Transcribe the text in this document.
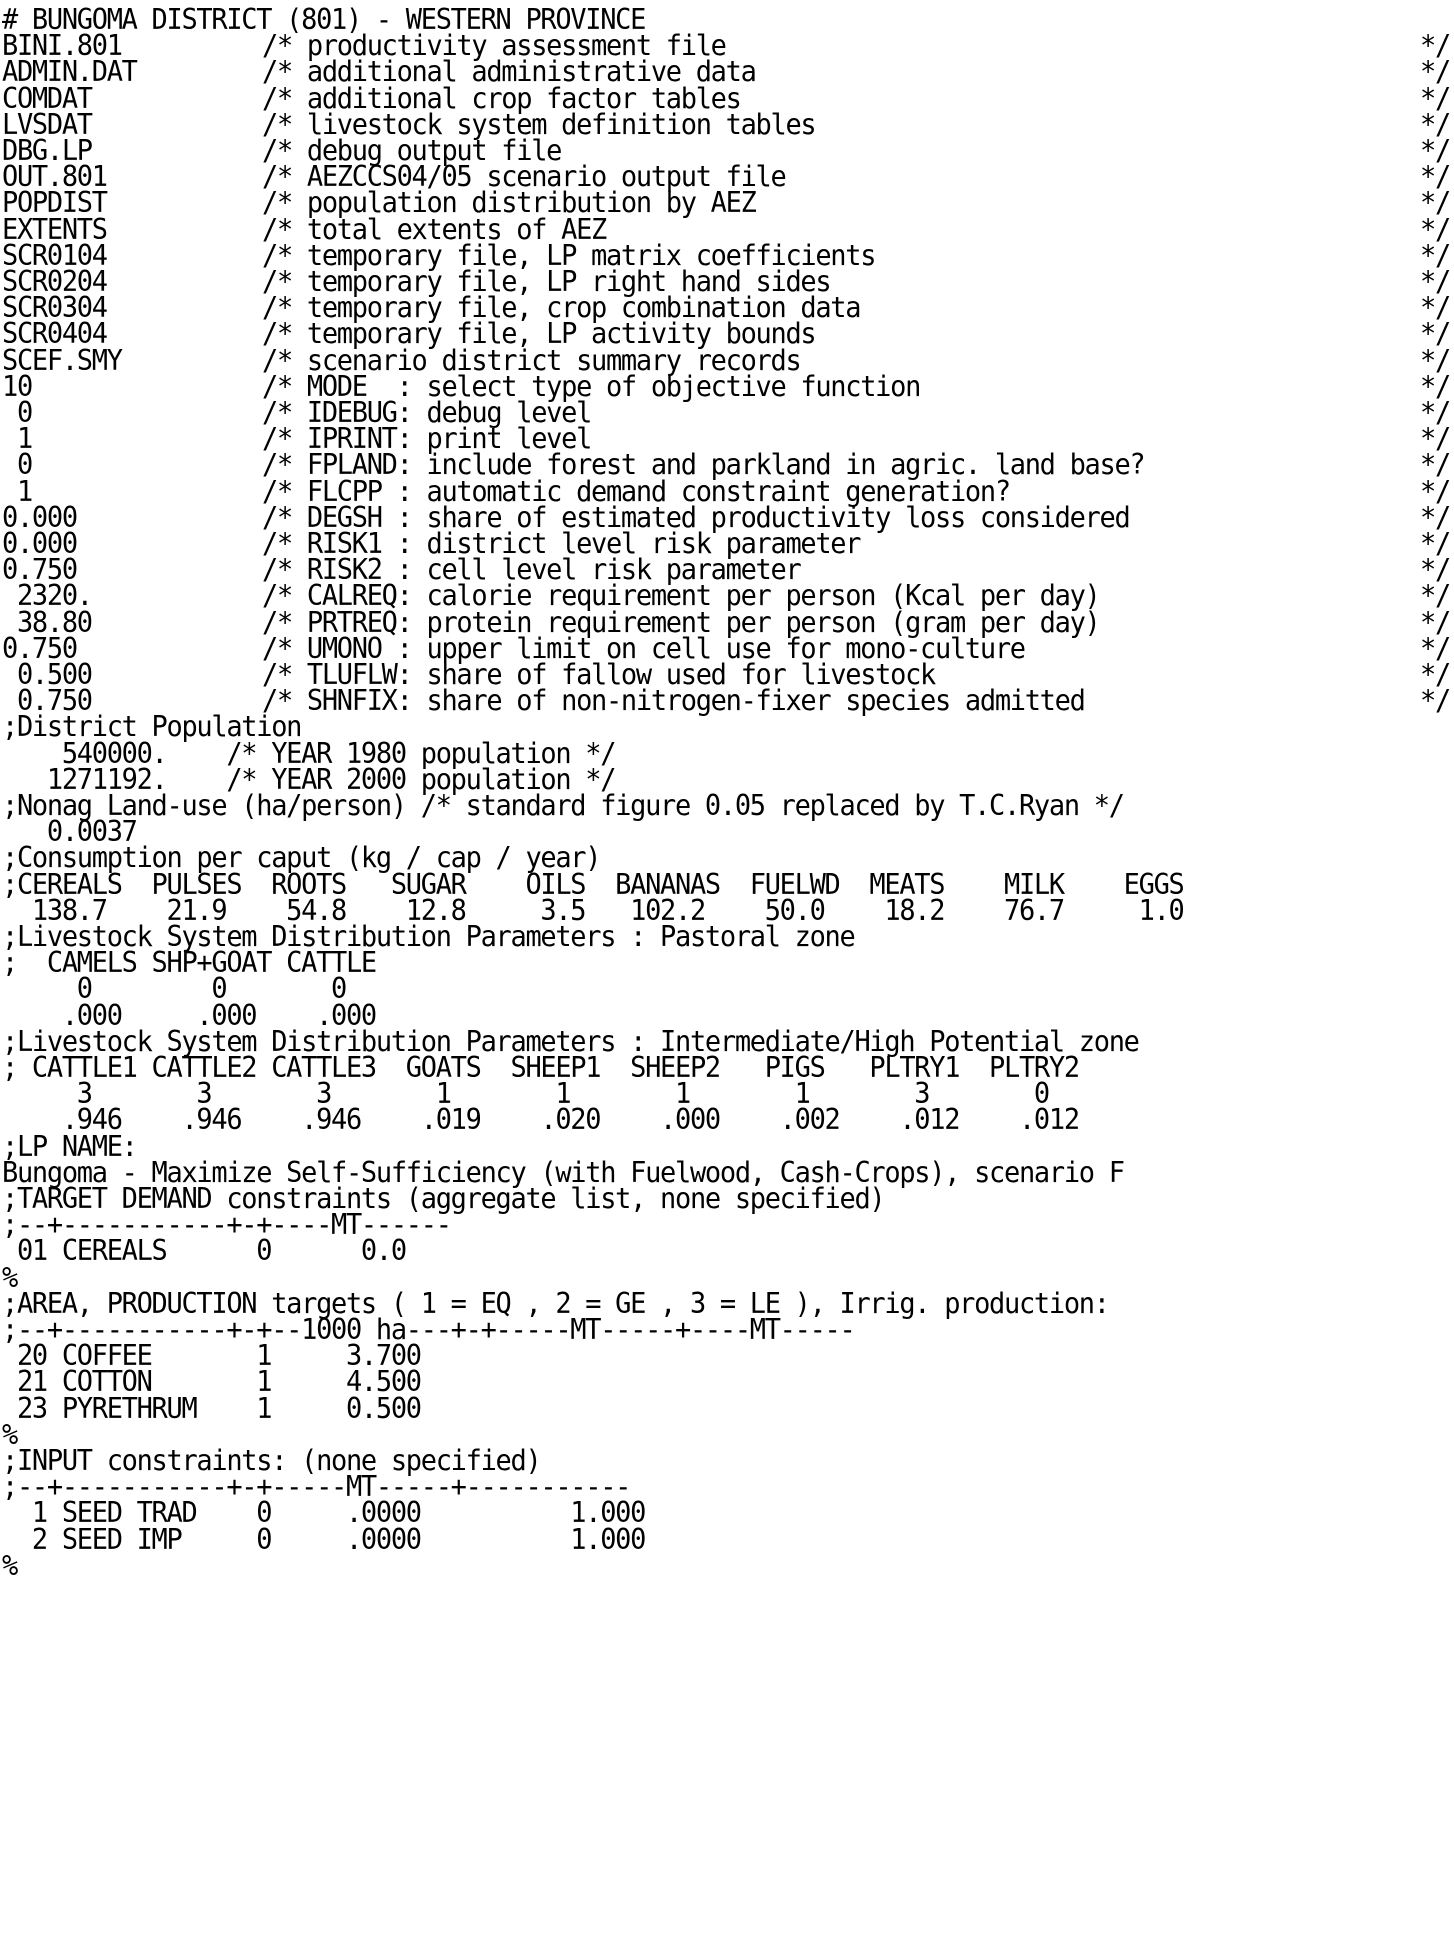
# BUNGOMA DISTRICT (801) - WESTERN PROVINCE
BINI.801	/* productivity assessment file	*/
ADMIN.DAT	/* additional administrative data	*/
COMDAT	/* additional crop factor tables	*/
LVSDAT	/* livestock system definition tables	*/
DBG.LP	/* debug output file	*/
OUT.801	/* AEZCCS04/05 scenario output file	*/
POPDIST	/* population distribution by AEZ	*/
EXTENTS	/* total extents of AEZ	*/
SCR0104	/* temporary file, LP matrix coefficients	*/
SCR0204	/* temporary file, LP right hand sides	*/
SCR0304	/* temporary file, crop combination data	*/
SCR0404	/* temporary file, LP activity bounds	*/
SCEF.SMY	/* scenario district summary records	*/
10	/* MODE  : select type of objective function	*/
0	/* IDEBUG: debug level	*/
1	/* IPRINT: print level	*/
0	/* FPLAND: include forest and parkland in agric. land base?	*/
1	/* FLCPP : automatic demand constraint generation?	*/
0.000	/* DEGSH : share of estimated productivity loss considered	*/
0.000	/* RISK1 : district level risk parameter	*/
0.750	/* RISK2 : cell level risk parameter	*/
2320.	/* CALREQ: calorie requirement per person (Kcal per day)	*/
38.80	/* PRTREQ: protein requirement per person (gram per day)	*/
0.750	/* UMONO : upper limit on cell use for mono-culture	*/
0.500	/* TLUFLW: share of fallow used for livestock	*/
0.750	/* SHNFIX: share of non-nitrogen-fixer species admitted	*/
;District Population
540000.    /* YEAR 1980 population */
1271192.    /* YEAR 2000 population */
;Nonag Land-use (ha/person) /* standard figure 0.05 replaced by T.C.Ryan */
0.0037
;Consumption per caput (kg / cap / year)
;CEREALS  PULSES  ROOTS   SUGAR    OILS  BANANAS  FUELWD  MEATS    MILK    EGGS
138.7    21.9    54.8    12.8     3.5   102.2    50.0    18.2    76.7     1.0
;Livestock System Distribution Parameters : Pastoral zone
;  CAMELS SHP+GOAT CATTLE
0        0       0
.000     .000    .000
;Livestock System Distribution Parameters : Intermediate/High Potential zone
; CATTLE1 CATTLE2 CATTLE3  GOATS  SHEEP1  SHEEP2   PIGS   PLTRY1  PLTRY2
3       3       3       1       1       1       1       3       0
.946    .946    .946    .019    .020    .000    .002    .012    .012
;LP NAME:
Bungoma - Maximize Self-Sufficiency (with Fuelwood, Cash-Crops), scenario F
;TARGET DEMAND constraints (aggregate list, none specified)
;--+-----------+-+----MT------
01 CEREALS      0      0.0
%
;AREA, PRODUCTION targets ( 1 = EQ , 2 = GE , 3 = LE ), Irrig. production:
;--+-----------+-+--1000 ha---+-+-----MT-----+----MT-----
20 COFFEE       1     3.700
21 COTTON       1     4.500
23 PYRETHRUM    1     0.500
%
;INPUT constraints: (none specified)
;--+-----------+-+-----MT-----+-----------
1 SEED TRAD    0     .0000          1.000
2 SEED IMP     0     .0000          1.000
%
